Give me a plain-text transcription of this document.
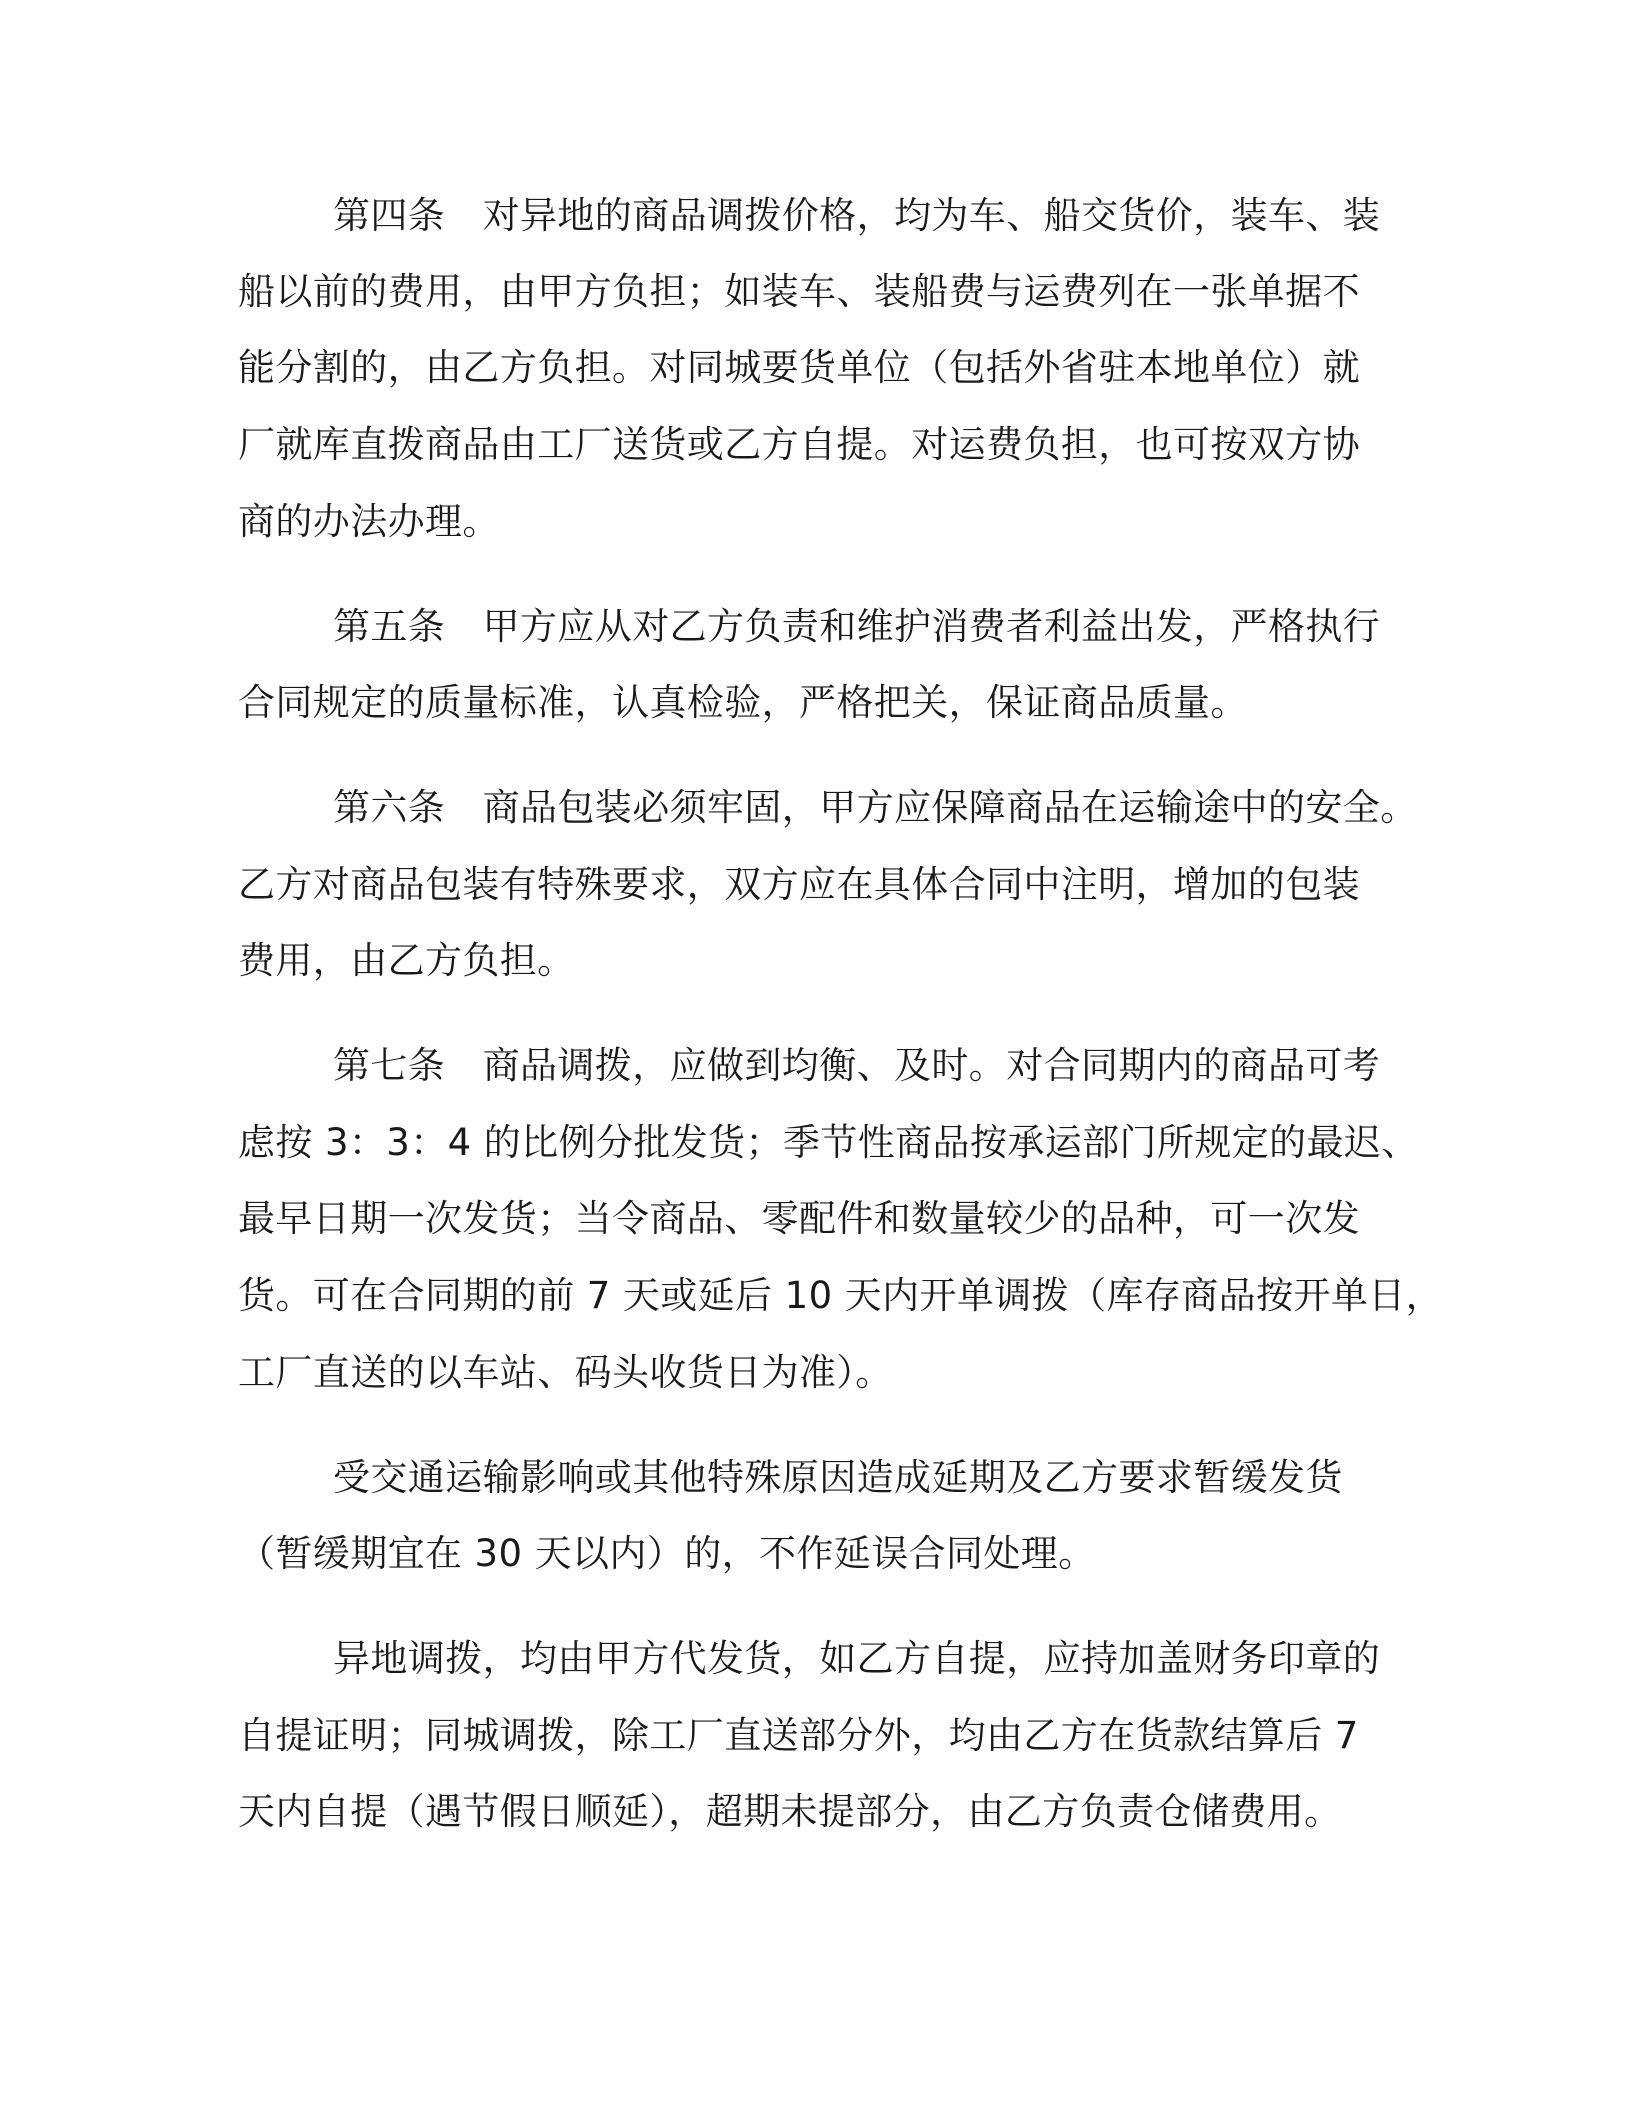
第四条　对异地的商品调拨价格，均为车、船交货价，装车、装
船以前的费用，由甲方负担；如装车、装船费与运费列在一张单据不
能分割的，由乙方负担。对同城要货单位（包括外省驻本地单位）就
厂就库直拨商品由工厂送货或乙方自提。对运费负担，也可按双方协
商的办法办理。
第五条　甲方应从对乙方负责和维护消费者利益出发，严格执行
合同规定的质量标准，认真检验，严格把关，保证商品质量。
第六条　商品包装必须牢固，甲方应保障商品在运输途中的安全。
乙方对商品包装有特殊要求，双方应在具体合同中注明，增加的包装
费用，由乙方负担。
第七条　商品调拨，应做到均衡、及时。对合同期内的商品可考
虑按 3：3：4 的比例分批发货；季节性商品按承运部门所规定的最迟、
最早日期一次发货；当令商品、零配件和数量较少的品种，可一次发
货。可在合同期的前 7 天或延后 10 天内开单调拨（库存商品按开单日，
工厂直送的以车站、码头收货日为准）。
受交通运输影响或其他特殊原因造成延期及乙方要求暂缓发货
（暂缓期宜在 30 天以内）的，不作延误合同处理。
异地调拨，均由甲方代发货，如乙方自提，应持加盖财务印章的
自提证明；同城调拨，除工厂直送部分外，均由乙方在货款结算后 7
天内自提（遇节假日顺延），超期未提部分，由乙方负责仓储费用。
